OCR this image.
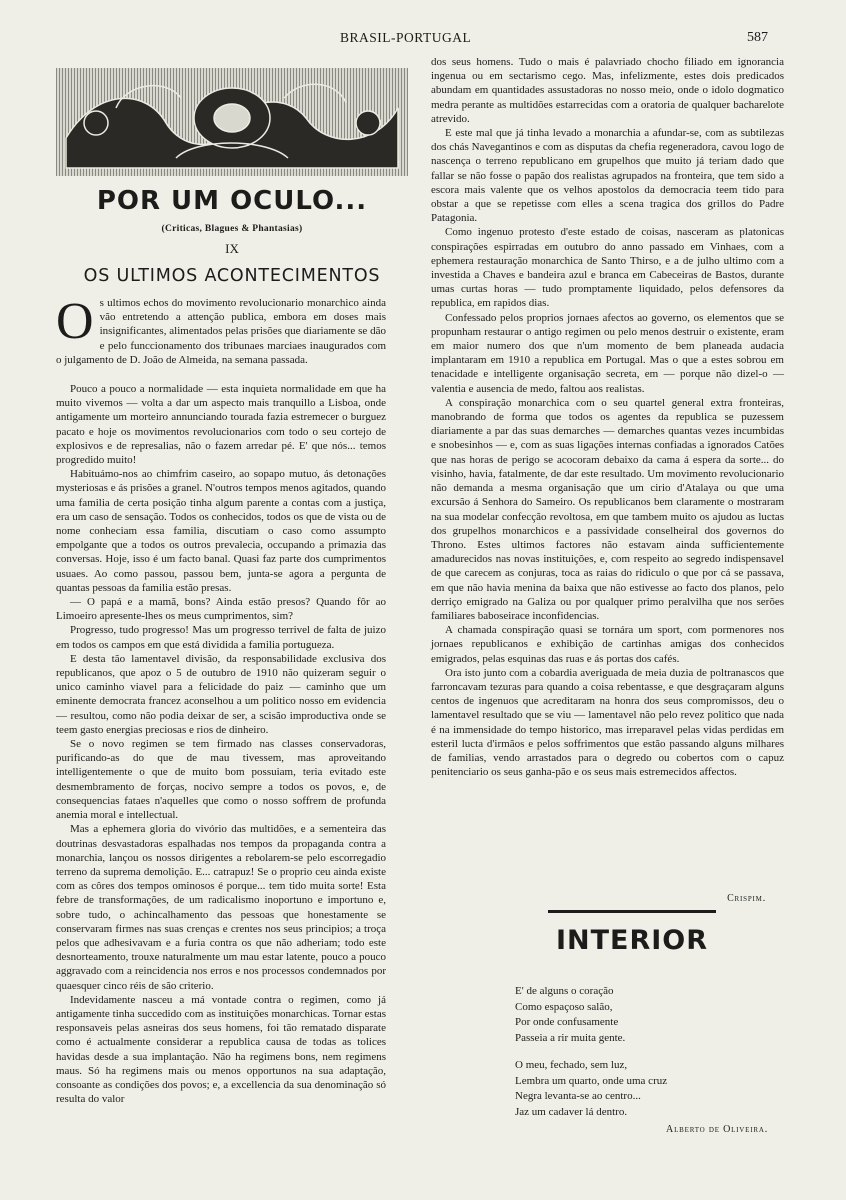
BRASIL-PORTUGAL	587
POR UM OCULO...
(Criticas, Blagues & Phantasias)
IX
OS ULTIMOS ACONTECIMENTOS
O s ultimos echos do movimento revolucionario monarchico ainda vão entretendo a attenção publica, embora em doses mais insignificantes, alimentados pelas prisões que diariamente se dão e pelo funccionamento dos tribunaes marciaes inaugurados com o julgamento de D. João de Almeida, na semana passada.

Pouco a pouco a normalidade — esta inquieta normalidade em que ha muito vivemos — volta a dar um aspecto mais tranquillo a Lisboa, onde antigamente um morteiro annunciando tourada fazia estremecer o burguez pacato e hoje os movimentos revolucionarios com todo o seu cortejo de explosivos e de represalias, não o fazem arredar pé. E' que nós... temos progredido muito!

Habituámo-nos ao chimfrim caseiro, ao sopapo mutuo, ás detonações mysteriosas e ás prisões a granel. N'outros tempos menos agitados, quando uma familia de certa posição tinha algum parente a contas com a justiça, era um caso de sensação. Todos os conhecidos, todos os que de vista ou de nome conheciam essa familia, discutiam o caso como assumpto empolgante que a todos os outros prevalecia, occupando a primazia das conversas. Hoje, isso é um facto banal. Quasi faz parte dos cumprimentos usuaes. Ao como passou, passou bem, junta-se agora a pergunta de quantas pessoas da familia estão presas.

— O papá e a mamã, bons? Ainda estão presos? Quando fôr ao Limoeiro apresente-lhes os meus cumprimentos, sim?

Progresso, tudo progresso! Mas um progresso terrivel de falta de juizo em todos os campos em que está dividida a familia portugueza.

E desta tão lamentavel divisão, da responsabilidade exclusiva dos republicanos, que apoz o 5 de outubro de 1910 não quizeram seguir o unico caminho viavel para a felicidade do paiz — caminho que um eminente democrata francez aconselhou a um politico nosso em evidencia — resultou, como não podia deixar de ser, a scisão improductiva onde se teem gasto energias preciosas e rios de dinheiro.

Se o novo regimen se tem firmado nas classes conservadoras, purificando-as do que de mau tivessem, mas aproveitando intelligentemente o que de muito bom possuiam, teria evitado este desmembramento de forças, nocivo sempre a todos os povos, e, de consequencias fataes n'aquelles que como o nosso soffrem de profunda anemia moral e intellectual.

Mas a ephemera gloria do vivório das multidões, e a sementeira das doutrinas desvastadoras espalhadas nos tempos da propaganda contra a monarchia, lançou os nossos dirigentes a rebolarem-se pelo escorregadio terreno da suprema demolição. E... catrapuz! Se o proprio ceu ainda existe com as côres dos tempos ominosos é porque... tem tido muita sorte! Esta febre de transformações, de um radicalismo inoportuno e importuno e, sobre tudo, o achincalhamento das pessoas que honestamente se conservaram firmes nas suas crenças e crentes nos seus principios; a troça pelos que adhesivavam e a furia contra os que não adheriam; todo este desnorteamento, trouxe naturalmente um mau estar latente, pouco a pouco aggravado com a reincidencia nos erros e nos processos condemnados por quaesquer cinco réis de são criterio.

Indevidamente nasceu a má vontade contra o regimen, como já antigamente tinha succedido com as instituições monarchicas. Tornar estas responsaveis pelas asneiras dos seus homens, foi tão rematado disparate como é actualmente considerar a republica causa de todas as tolices havidas desde a sua implantação. Não ha regimens bons, nem regimens maus. Só ha regimens mais ou menos opportunos na sua adaptação, consoante as condições dos povos; e, a excellencia da sua denominação só resulta do valor

dos seus homens. Tudo o mais é palavriado chocho filiado em ignorancia ingenua ou em sectarismo cego. Mas, infelizmente, estes dois predicados abundam em quantidades assustadoras no nosso meio, onde o idolo dogmatico medra perante as multidões estarrecidas com a oratoria de qualquer bacharelote atrevido.

E este mal que já tinha levado a monarchia a afundar-se, com as subtilezas dos chás Navegantinos e com as disputas da chefia regeneradora, cavou logo de nascença o terreno republicano em grupelhos que muito já teriam dado que fallar se não fosse o papão dos realistas agrupados na fronteira, que tem sido a escora mais valente que os velhos apostolos da democracia teem tido para obstar a que se repetisse com elles a scena tragica dos grillos do Padre Patagonia.

Como ingenuo protesto d'este estado de coisas, nasceram as platonicas conspirações espirradas em outubro do anno passado em Vinhaes, com a ephemera restauração monarchica de Santo Thirso, e a de julho ultimo com a investida a Chaves e bandeira azul e branca em Cabeceiras de Bastos, durante umas curtas horas — tudo promptamente liquidado, pelos defensores da republica, em rapidos dias.

Confessado pelos proprios jornaes afectos ao governo, os elementos que se propunham restaurar o antigo regimen ou pelo menos destruir o existente, eram em maior numero dos que n'um momento de bem planeada audacia implantaram em 1910 a republica em Portugal. Mas o que a estes sobrou em tenacidade e intelligente organisação secreta, em — porque não dizel-o — valentia e ausencia de medo, faltou aos realistas.

A conspiração monarchica com o seu quartel general extra fronteiras, manobrando de forma que todos os agentes da republica se puzessem diariamente a par das suas demarches — demarches quantas vezes incumbidas e snobesinhos — e, com as suas ligações internas confiadas a ignorados Catões que nas horas de perigo se acocoram debaixo da cama á espera da sorte... do visinho, havia, fatalmente, de dar este resultado. Um movimento revolucionario não demanda a mesma organisação que um cirio d'Atalaya ou que uma excursão á Senhora do Sameiro. Os republicanos bem claramente o mostraram na sua modelar confecção revoltosa, em que tambem muito os ajudou as luctas dos grupelhos monarchicos e a passividade conselheiral dos governos do Throno. Estes ultimos factores não estavam ainda sufficientemente amadurecidos nas novas instituições, e, com respeito ao segredo indispensavel de que carecem as conjuras, toca as raias do ridiculo o que por cá se passava, em que não havia menina da baixa que não estivesse ao facto dos planos, pelo derriço emigrado na Galiza ou por qualquer primo peralvilha que nos serões familiares baboseirace inconfidencias.

A chamada conspiração quasi se tornára um sport, com pormenores nos jornaes republicanos e exhibição de cartinhas amigas dos conhecidos emigrados, pelas esquinas das ruas e ás portas dos cafés.

Ora isto junto com a cobardia averiguada de meia duzia de poltranascos que farroncavam tezuras para quando a coisa rebentasse, e que desgraçaram alguns centos de ingenuos que acreditaram na honra dos seus compromissos, deu o lamentavel resultado que se viu — lamentavel não pelo revez politico que nada é na immensidade do tempo historico, mas irreparavel pelas vidas perdidas em esteril lucta d'irmãos e pelos soffrimentos que estão passando alguns milhares de familias, vendo arrastados para o degredo ou cobertos com o capuz penitenciario os seus ganha-pão e os seus mais estremecidos affectos.

Crispim.
INTERIOR
E' de alguns o coração
Como espaçoso salão,
Por onde confusamente
Passeia a rir muita gente.
O meu, fechado, sem luz,
Lembra um quarto, onde uma cruz
Negra levanta-se ao centro...
Jaz um cadaver lá dentro.
Alberto de Oliveira.
